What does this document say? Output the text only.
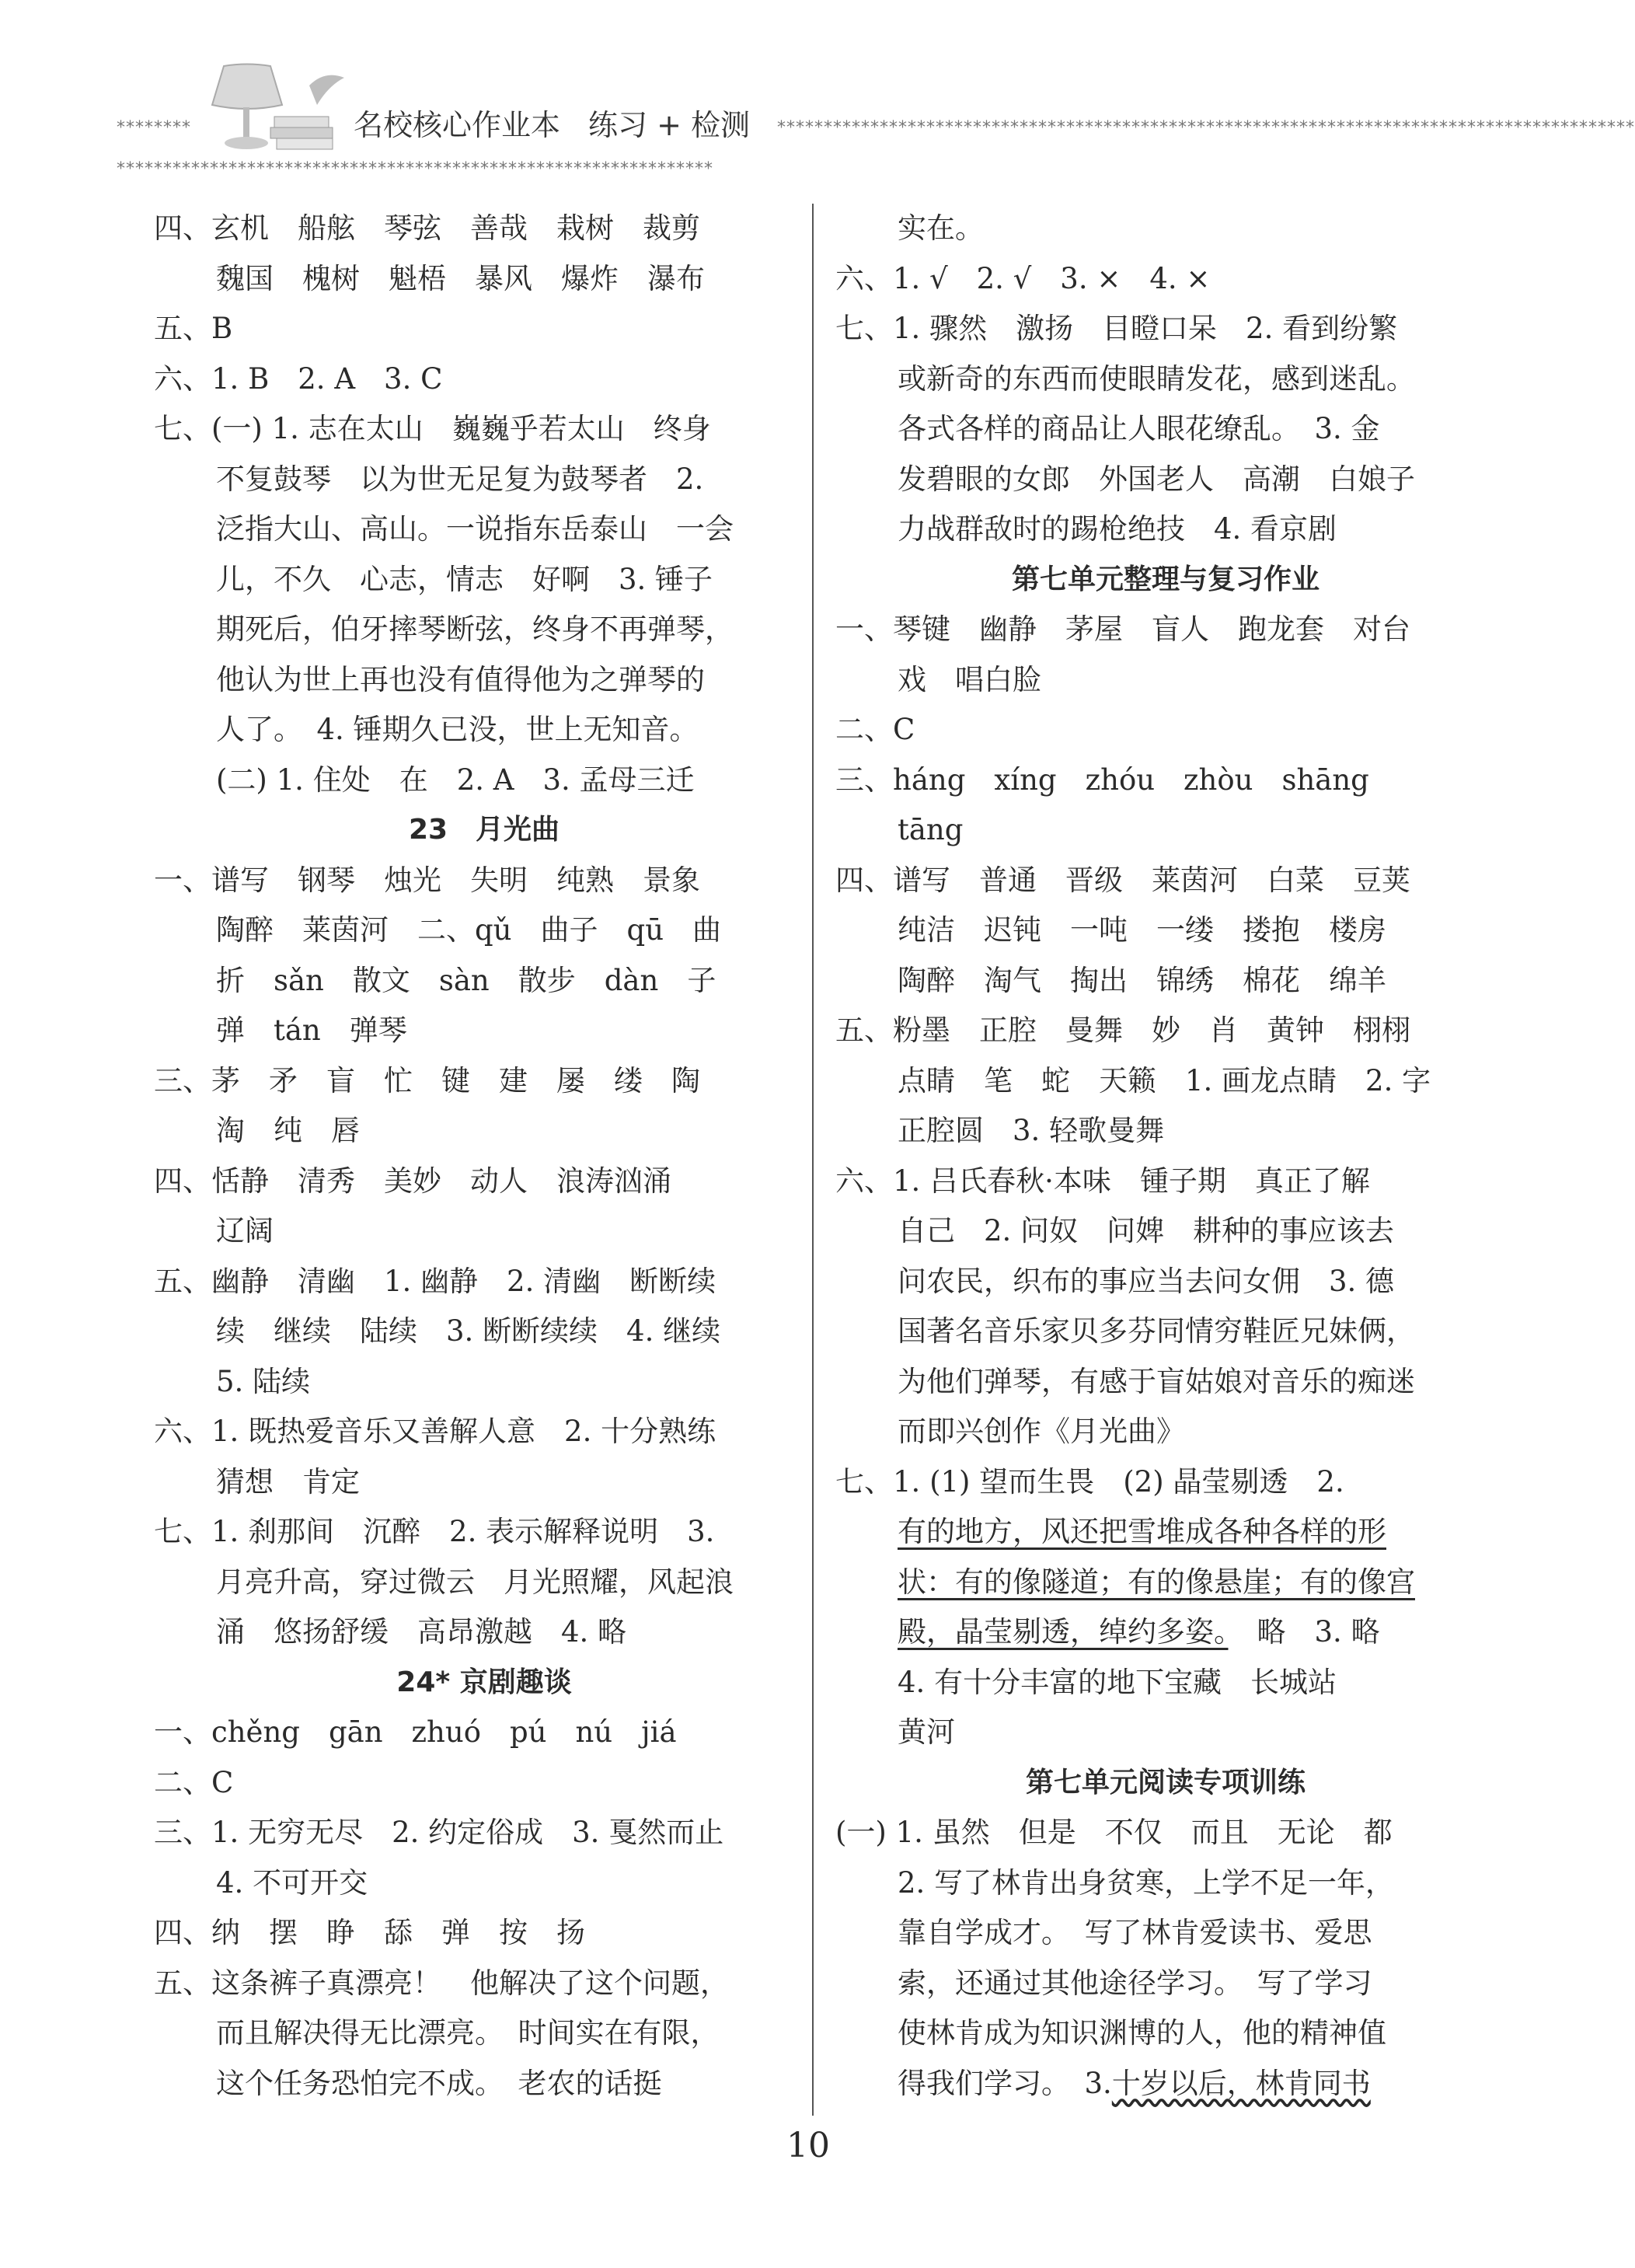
********	名校核心作业本 练习 + 检测 ********************************************************************************************
****************************************************************
四、玄机　船舷　琴弦　善哉　栽树　裁剪
魏国　槐树　魁梧　暴风　爆炸　瀑布
五、B
六、1. B　2. A　3. C
七、(一) 1. 志在太山　巍巍乎若太山　终身
不复鼓琴　以为世无足复为鼓琴者　2.
泛指大山、高山。一说指东岳泰山　一会
儿，不久　心志，情志　好啊　3. 锤子
期死后，伯牙摔琴断弦，终身不再弹琴，
他认为世上再也没有值得他为之弹琴的
人了。　4. 锤期久已没，世上无知音。
(二) 1. 住处　在　2. A　3. 孟母三迁
23　月光曲
一、谱写　钢琴　烛光　失明　纯熟　景象
陶醉　莱茵河　二、qǔ　曲子　qū　曲
折　sǎn　散文　sàn　散步　dàn　子
弹　tán　弹琴
三、茅　矛　盲　忙　键　建　屡　缕　陶
淘　纯　唇
四、恬静　清秀　美妙　动人　浪涛汹涌
辽阔
五、幽静　清幽　1. 幽静　2. 清幽　断断续
续　继续　陆续　3. 断断续续　4. 继续
5. 陆续
六、1. 既热爱音乐又善解人意　2. 十分熟练
猜想　肯定
七、1. 刹那间　沉醉　2. 表示解释说明　3.
月亮升高，穿过微云　月光照耀，风起浪
涌　悠扬舒缓　高昂激越　4. 略
24* 京剧趣谈
一、chěng　gān　zhuó　pú　nú　jiá
二、C
三、1. 无穷无尽　2. 约定俗成　3. 戛然而止
4. 不可开交
四、纳　摆　睁　舔　弹　按　扬
五、这条裤子真漂亮！　他解决了这个问题，
而且解决得无比漂亮。　时间实在有限，
这个任务恐怕完不成。　老农的话挺
实在。
六、1. √　2. √　3. ×　4. ×
七、1. 骤然　激扬　目瞪口呆　2. 看到纷繁
或新奇的东西而使眼睛发花，感到迷乱。
各式各样的商品让人眼花缭乱。　3. 金
发碧眼的女郎　外国老人　高潮　白娘子
力战群敌时的踢枪绝技　4. 看京剧
第七单元整理与复习作业
一、琴键　幽静　茅屋　盲人　跑龙套　对台
戏　唱白脸
二、C
三、háng　xíng　zhóu　zhòu　shāng
tāng
四、谱写　普通　晋级　莱茵河　白菜　豆荚
纯洁　迟钝　一吨　一缕　搂抱　楼房
陶醉　淘气　掏出　锦绣　棉花　绵羊
五、粉墨　正腔　曼舞　妙　肖　黄钟　栩栩
点睛　笔　蛇　天籁　1. 画龙点睛　2. 字
正腔圆　3. 轻歌曼舞
六、1. 吕氏春秋·本味　锺子期　真正了解
自己　2. 问奴　问婢　耕种的事应该去
问农民，织布的事应当去问女佣　3. 德
国著名音乐家贝多芬同情穷鞋匠兄妹俩，
为他们弹琴，有感于盲姑娘对音乐的痴迷
而即兴创作《月光曲》
七、1. (1) 望而生畏　(2) 晶莹剔透　2.
有的地方，风还把雪堆成各种各样的形
状：有的像隧道；有的像悬崖；有的像宫
殿，晶莹剔透，绰约多姿。　略　3. 略
4. 有十分丰富的地下宝藏　长城站
黄河
第七单元阅读专项训练
(一) 1. 虽然　但是　不仅　而且　无论　都
2. 写了林肯出身贫寒，上学不足一年，
靠自学成才。　写了林肯爱读书、爱思
索，还通过其他途径学习。　写了学习
使林肯成为知识渊博的人，他的精神值
得我们学习。　3.十岁以后，林肯同书
10
